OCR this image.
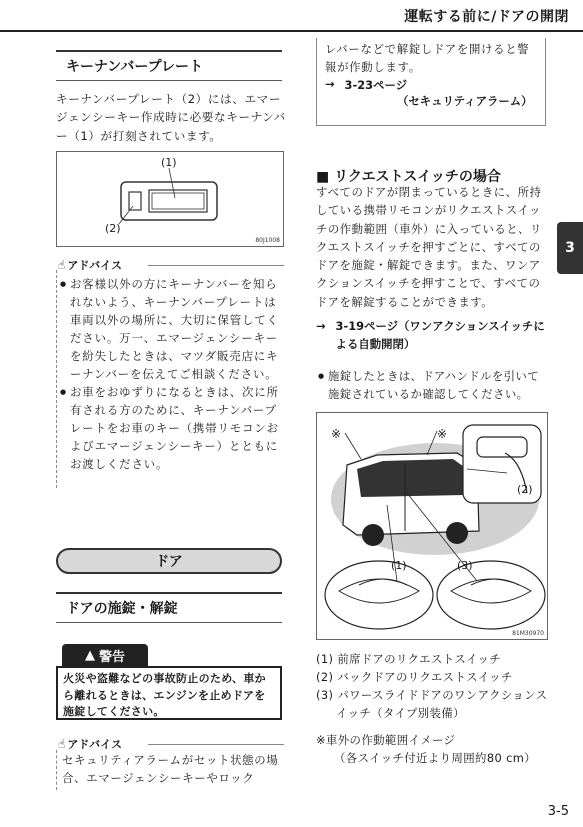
運転する前に/ドアの開閉
3
キーナンバープレート
キーナンバープレート（2）には、エマージェンシーキー作成時に必要なキーナンバー（1）が打刻されています。
(1)
(2)
80J1008
☝ アドバイス
● お客様以外の方にキーナンバーを知られないよう、キーナンバープレートは車両以外の場所に、大切に保管してください。万一、エマージェンシーキーを紛失したときは、マツダ販売店にキーナンバーを伝えてご相談ください。
● お車をおゆずりになるときは、次に所有される方のために、キーナンバープレートをお車のキー（携帯リモコンおよびエマージェンシーキー）とともにお渡しください。
ドア
ドアの施錠・解錠
▲ 警告
火災や盗難などの事故防止のため、車から離れるときは、エンジンを止めドアを施錠してください。
☝ アドバイス
セキュリティアラームがセット状態の場合、エマージェンシーキーやロック
レバーなどで解錠しドアを開けると警報が作動します。
→ 3-23ページ
（セキュリティアラーム）
■ リクエストスイッチの場合
すべてのドアが閉まっているときに、所持している携帯リモコンがリクエストスイッチの作動範囲（車外）に入っていると、リクエストスイッチを押すごとに、すべてのドアを施錠・解錠できます。また、ワンアクションスイッチを押すことで、すべてのドアを解錠することができます。
→ 3-19ページ（ワンアクションスイッチによる自動開閉）
● 施錠したときは、ドアハンドルを引いて施錠されているか確認してください。
※	※
(1)
(2)
(3)
81M30970
(1) 前席ドアのリクエストスイッチ
(2) バックドアのリクエストスイッチ
(3) パワースライドドアのワンアクションスイッチ（タイプ別装備）
※車外の作動範囲イメージ
（各スイッチ付近より周囲約80 cm）
3-5
